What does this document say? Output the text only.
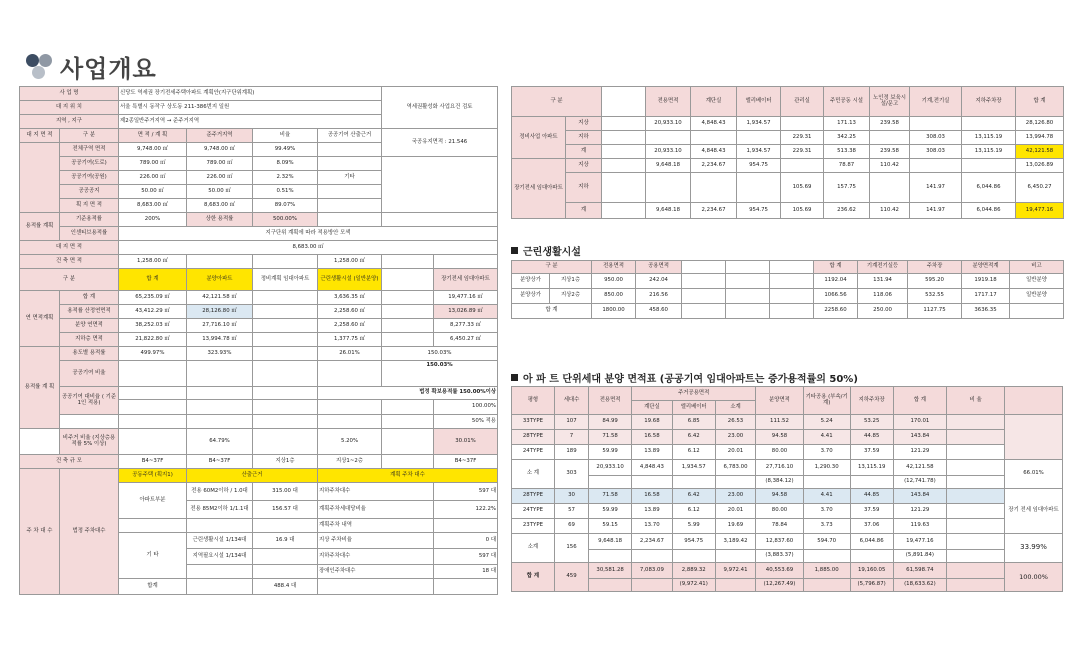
사업개요
사 업 명		신당도 역세권 장기전세주택아파트 계획안(지구단위계획)				역세권활성화 사업요건 검토	
대 지 위 치		서울 특별시 동작구 상도동 211-386번지 일원					
지역 , 지구		제2종일반주거지역 → 준주거지역					
대 지 면 적	구 분	면 적 / 계 획	준주거지역	비율	공공기여 산출근거	국공유지면적 : 21.546	
	전체구역 면적	9,748.00 ㎡	9,748.00 ㎡	99.49%			
	공공기여(도로)	789.00 ㎡	789.00 ㎡	8.09%			
	공공기여(공원)	226.00 ㎡	226.00 ㎡	2.32%	기타		
	공공공지	50.00 ㎡	50.00 ㎡	0.51%			
	획 지 면 적	8,683.00 ㎡	8,683.00 ㎡	89.07%			
용적률 계획	기준용적률	200%	상한 용적률	500.00%			
	인센티브용적률	지구단위 계획에 따라 적용방안 모색					
대 지 면 적		8,683.00 ㎡					
건 축 면 적		1,258.00 ㎡			1,258.00 ㎡		
구 분		합 계	분양아파트	정비계획 임대아파트	근린생활시설 (일반분양)		장기전세 임대아파트
연 면적계획	합 계	65,235.09 ㎡	42,121.58 ㎡		3,636.35 ㎡		19,477.16 ㎡
	용적률 산정연면적	43,412.29 ㎡	28,126.80 ㎡		2,258.60 ㎡		13,026.89 ㎡
	분양 연면적	38,252.03 ㎡	27,716.10 ㎡		2,258.60 ㎡		8,277.33 ㎡
	지하층 면적	21,822.80 ㎡	13,994.78 ㎡		1,377.75 ㎡		6,450.27 ㎡
용적률 계 획	용도별 용적률	499.97%	323.93%		26.01%	150.03%	
	공공기여 비율					150.03%	

	공공기여 대비율 ( 기준 1인 적용)				법정 확보용적률 150.00%이상		
							100.00%
							50% 적용
	비주거 비율 (지상층용적률 5% 이상)		64.79%		5.20%		30.01%
건 축 규 모		B4~37F	B4~37F	지상1층	지상1~2층		B4~37F
주 차 대 수	법정 주차대수	공동주택 (획지1)	산출근거		계획 주차 대수		
		아파트부분	전용 60M2이하 / 1.0대	315.00 대	지하주차대수		597 대
			전용 85M2이하 1/1.1대	156.57 대	계획주차세대당비율		122.2%
					계획주차 내역		
		기 타	근린생활시설 1/134대	16.9 대	지상 주차비율		0 대
			지역필요시설 1/134대		지하주차대수		597 대
					장애인주차대수		18 대
		합계		488.4 대			
구 분			전용면적	계단실	엘리베이터	관리실	주민공동 시설	노인정 보육시설/문고	기계,전기실	지하주차장	합 계
정비사업 아파트	지상		20,933.10	4,848.43	1,934.57		171.13	239.58			28,126.80
	지하					229.31	342.25		308.03	13,115.19	13,994.78
	계		20,933.10	4,848.43	1,934.57	229.31	513.38	239.58	308.03	13,115.19	42,121.58
장기전세 임대아파트	지상		9,648.18	2,234.67	954.75		78.87	110.42			13,026.89
	지하					105.69	157.75		141.97	6,044.86	6,450.27
	계		9,648.18	2,234.67	954.75	105.69	236.62	110.42	141.97	6,044.86	19,477.16
근린생활시설
구 분		전용면적	공용면적				합 계	기계전기실등	주차장	분양면적계	비고
분양상가	지상1층	950.00	242.04				1192.04	131.94	595.20	1919.18	일반분양
분양상가	지상2층	850.00	216.56				1066.56	118.06	532.55	1717.17	일반분양
합 계		1800.00	458.60				2258.60	250.00	1127.75	3636.35	
아 파 트 단위세대 분양 면적표 (공공기여 임대아파트는 증가용적률의 50%)
평형	세대수	전용면적	주거공용면적			분양면적	기타공용 (부속/기계)	지하주차장	합 계	비 율	
			계단실	엘리베이터	소계						
33TYPE	107	84.99	19.68	6.85	26.53	111.52	5.24	53.25	170.01		
28TYPE	7	71.58	16.58	6.42	23.00	94.58	4.41	44.85	143.84		
24TYPE	189	59.99	13.89	6.12	20.01	80.00	3.70	37.59	121.29		
소 계	303	20,933.10	4,848.43	1,934.57	6,783.00	27,716.10	1,290.30	13,115.19	42,121.58		66.01%
						(8,384.12)			(12,741.78)		
28TYPE	30	71.58	16.58	6.42	23.00	94.58	4.41	44.85	143.84		장기 전세 임대아파트
24TYPE	57	59.99	13.89	6.12	20.01	80.00	3.70	37.59	121.29		
23TYPE	69	59.15	13.70	5.99	19.69	78.84	3.73	37.06	119.63		
소계	156	9,648.18	2,234.67	954.75	3,189.42	12,837.60	594.70	6,044.86	19,477.16		33.99%
						(3,883.37)			(5,891.84)		
합 계	459	30,581.28	7,083.09	2,889.32	9,972.41	40,553.69	1,885.00	19,160.05	61,598.74		100.00%
				(9,972.41)		(12,267.49)		(5,796.87)	(18,633.62)		
